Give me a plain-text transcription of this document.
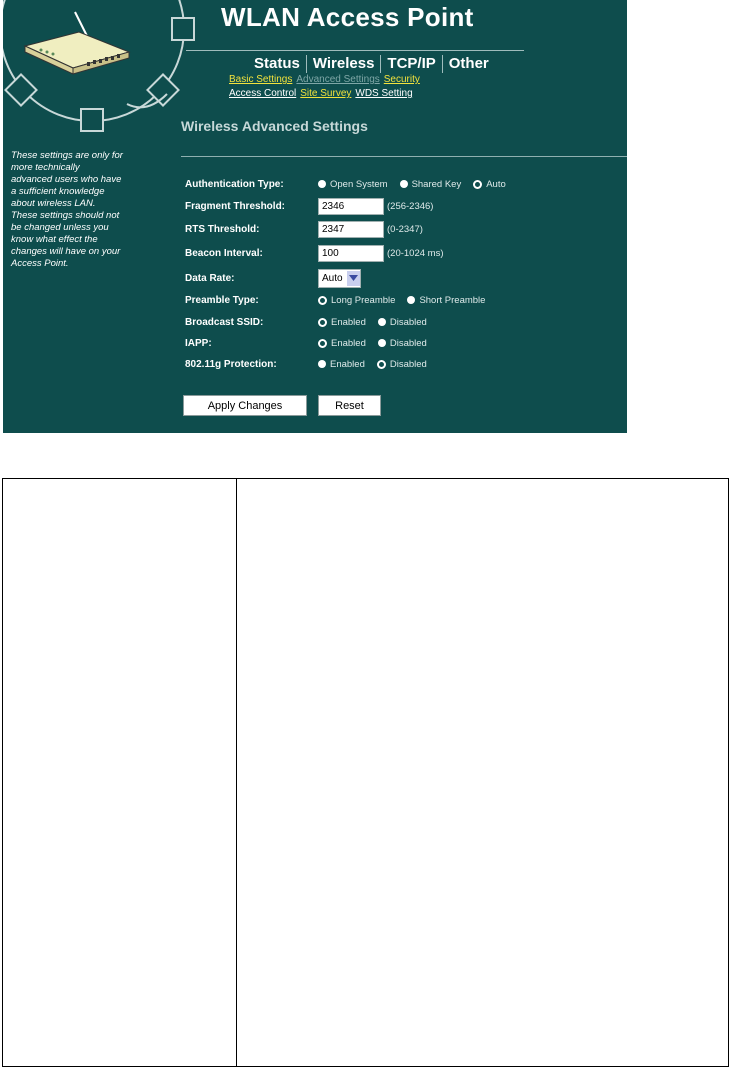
WLAN Access Point
Status Wireless TCP/IP Other
Basic Settings Advanced Settings Security
Access Control Site Survey WDS Setting
Wireless Advanced Settings
These settings are only for more technically advanced users who have a sufficient knowledge about wireless LAN. These settings should not be changed unless you know what effect the changes will have on your Access Point.
Authentication Type:	Open System	Shared Key	Auto
Fragment Threshold:
2346	(256-2346)
RTS Threshold:
2347	(0-2347)
Beacon Interval:
100	(20-1024 ms)
Data Rate:	Auto
Preamble Type:	Long Preamble	Short Preamble
Broadcast SSID:	Enabled	Disabled
IAPP:	Enabled	Disabled
802.11g Protection:	Enabled	Disabled
Apply Changes	Reset
